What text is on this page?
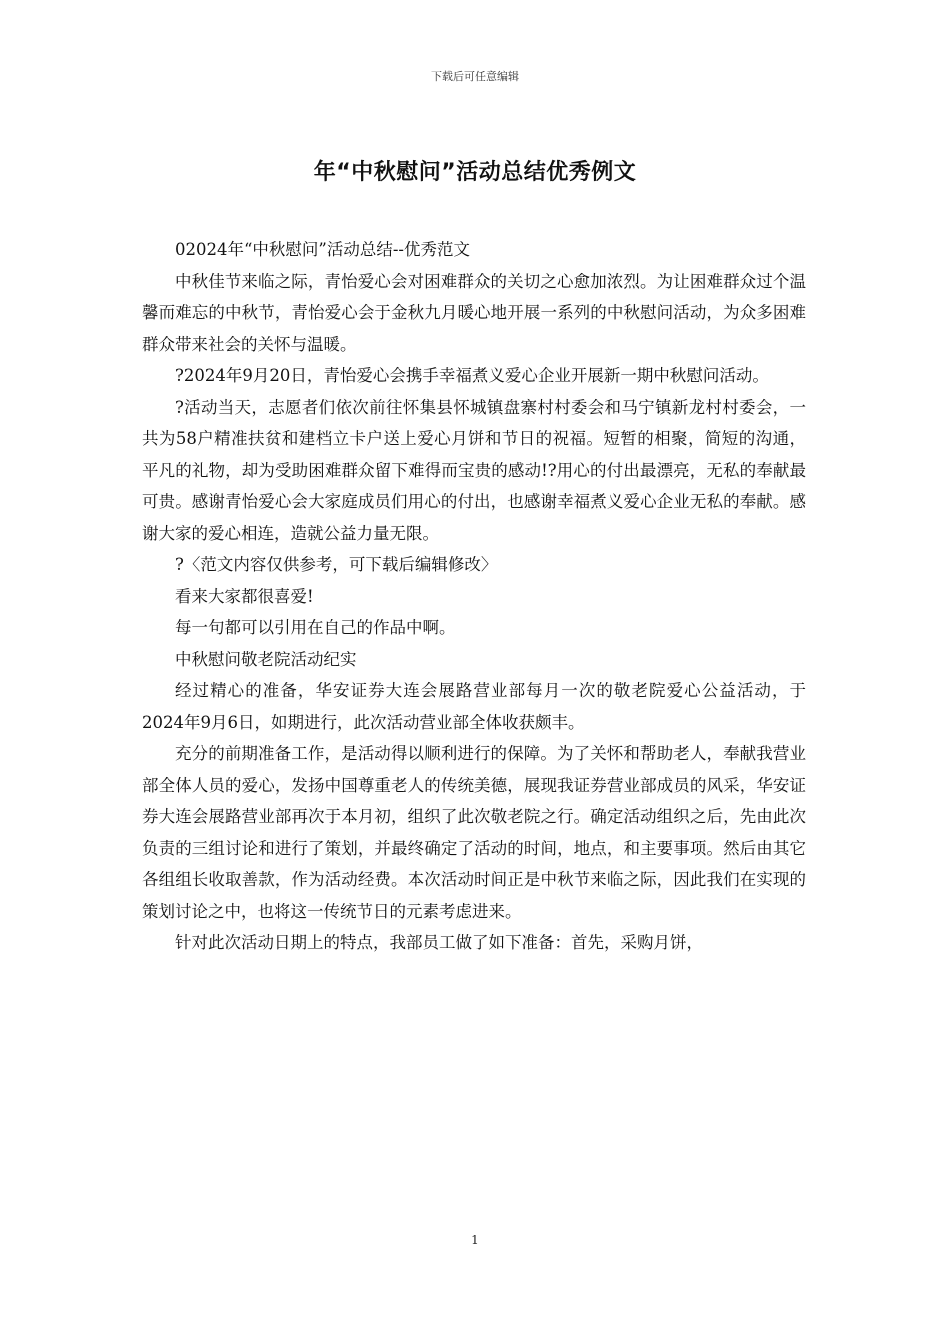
下载后可任意编辑
年“中秋慰问”活动总结优秀例文

02024年“中秋慰问”活动总结--优秀范文

中秋佳节来临之际，青怡爱心会对困难群众的关切之心愈加浓烈。为让困难群众过个温馨而难忘的中秋节，青怡爱心会于金秋九月暖心地开展一系列的中秋慰问活动，为众多困难群众带来社会的关怀与温暖。

?2024年9月20日，青怡爱心会携手幸福煮义爱心企业开展新一期中秋慰问活动。

?活动当天，志愿者们依次前往怀集县怀城镇盘寨村村委会和马宁镇新龙村村委会，一共为58户精准扶贫和建档立卡户送上爱心月饼和节日的祝福。短暂的相聚，简短的沟通，平凡的礼物，却为受助困难群众留下难得而宝贵的感动!?用心的付出最漂亮，无私的奉献最可贵。感谢青怡爱心会大家庭成员们用心的付出，也感谢幸福煮义爱心企业无私的奉献。感谢大家的爱心相连，造就公益力量无限。

?〈范文内容仅供参考，可下载后编辑修改〉

看来大家都很喜爱!

每一句都可以引用在自己的作品中啊。

中秋慰问敬老院活动纪实

经过精心的准备，华安证券大连会展路营业部每月一次的敬老院爱心公益活动，于2024年9月6日，如期进行，此次活动营业部全体收获颇丰。

充分的前期准备工作，是活动得以顺利进行的保障。为了关怀和帮助老人，奉献我营业部全体人员的爱心，发扬中国尊重老人的传统美德，展现我证券营业部成员的风采，华安证券大连会展路营业部再次于本月初，组织了此次敬老院之行。确定活动组织之后，先由此次负责的三组讨论和进行了策划，并最终确定了活动的时间，地点，和主要事项。然后由其它各组组长收取善款，作为活动经费。本次活动时间正是中秋节来临之际，因此我们在实现的策划讨论之中，也将这一传统节日的元素考虑进来。

针对此次活动日期上的特点，我部员工做了如下准备：首先，采购月饼，

1
